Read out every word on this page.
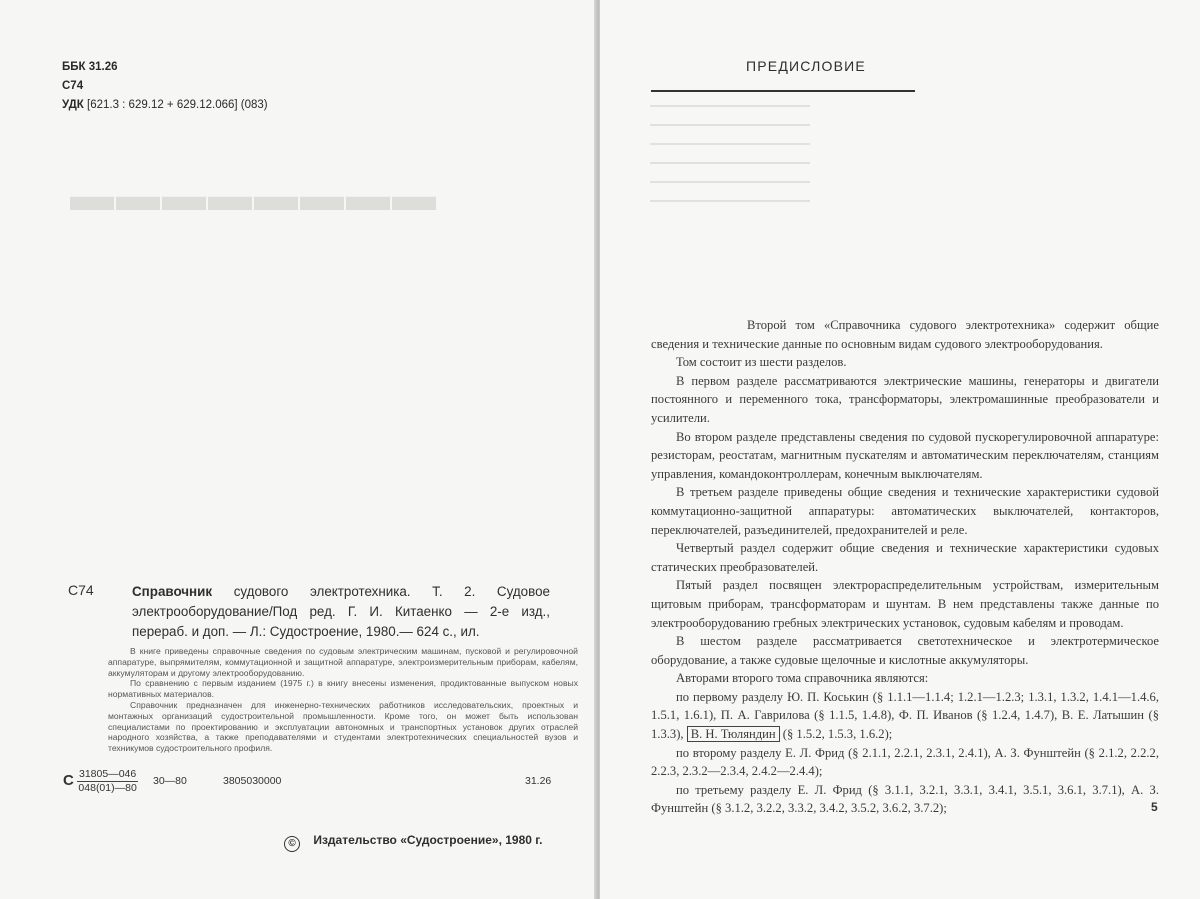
▬▬▬▬▬▬▬▬
ББК 31.26
С74
УДК [621.3 : 629.12 + 629.12.066] (083)
С74	Справочник судового электротехника. Т. 2. Судовое электрооборудование/Под ред. Г. И. Китаенко — 2-е изд., перераб. и доп. — Л.: Судостроение, 1980.— 624 с., ил.

В книге приведены справочные сведения по судовым электрическим машинам, пусковой и регулировочной аппаратуре, выпрямителям, коммутационной и защитной аппаратуре, электроизмерительным приборам, кабелям, аккумуляторам и другому электрооборудованию.

По сравнению с первым изданием (1975 г.) в книгу внесены изменения, продиктованные выпуском новых нормативных материалов.

Справочник предназначен для инженерно-технических работников исследовательских, проектных и монтажных организаций судостроительной промышленности. Кроме того, он может быть использован специалистами по проектированию и эксплуатации автономных и транспортных установок других отраслей народного хозяйства, а также преподавателями и студентами электротехнических специальностей вузов и техникумов судостроительного профиля.

С $\frac{31805—046}{048(01)—80}$ 30—80	3805030000	31.26
© Издательство «Судостроение», 1980 г.
ПРЕДИСЛОВИЕ

Второй том «Справочника судового электротехника» содержит общие сведения и технические данные по основным видам судового электрооборудования.

Том состоит из шести разделов.

В первом разделе рассматриваются электрические машины, генераторы и двигатели постоянного и переменного тока, трансформаторы, электромашинные преобразователи и усилители.

Во втором разделе представлены сведения по судовой пускорегулировочной аппаратуре: резисторам, реостатам, магнитным пускателям и автоматическим переключателям, станциям управления, командоконтроллерам, конечным выключателям.

В третьем разделе приведены общие сведения и технические характеристики судовой коммутационно-защитной аппаратуры: автоматических выключателей, контакторов, переключателей, разъединителей, предохранителей и реле.

Четвертый раздел содержит общие сведения и технические характеристики судовых статических преобразователей.

Пятый раздел посвящен электрораспределительным устройствам, измерительным щитовым приборам, трансформаторам и шунтам. В нем представлены также данные по электрооборудованию гребных электрических установок, судовым кабелям и проводам.

В шестом разделе рассматривается светотехническое и электротермическое оборудование, а также судовые щелочные и кислотные аккумуляторы.

Авторами второго тома справочника являются:

по первому разделу Ю. П. Коськин (§ 1.1.1—1.1.4; 1.2.1—1.2.3; 1.3.1, 1.3.2, 1.4.1—1.4.6, 1.5.1, 1.6.1), П. А. Гаврилова (§ 1.1.5, 1.4.8), Ф. П. Иванов (§ 1.2.4, 1.4.7), В. Е. Латышин (§ 1.3.3), В. Н. Тюляндин (§ 1.5.2, 1.5.3, 1.6.2);

по второму разделу Е. Л. Фрид (§ 2.1.1, 2.2.1, 2.3.1, 2.4.1), А. З. Фунштейн (§ 2.1.2, 2.2.2, 2.2.3, 2.3.2—2.3.4, 2.4.2—2.4.4);

по третьему разделу Е. Л. Фрид (§ 3.1.1, 3.2.1, 3.3.1, 3.4.1, 3.5.1, 3.6.1, 3.7.1), А. З. Фунштейн (§ 3.1.2, 3.2.2, 3.3.2, 3.4.2, 3.5.2, 3.6.2, 3.7.2);	5
